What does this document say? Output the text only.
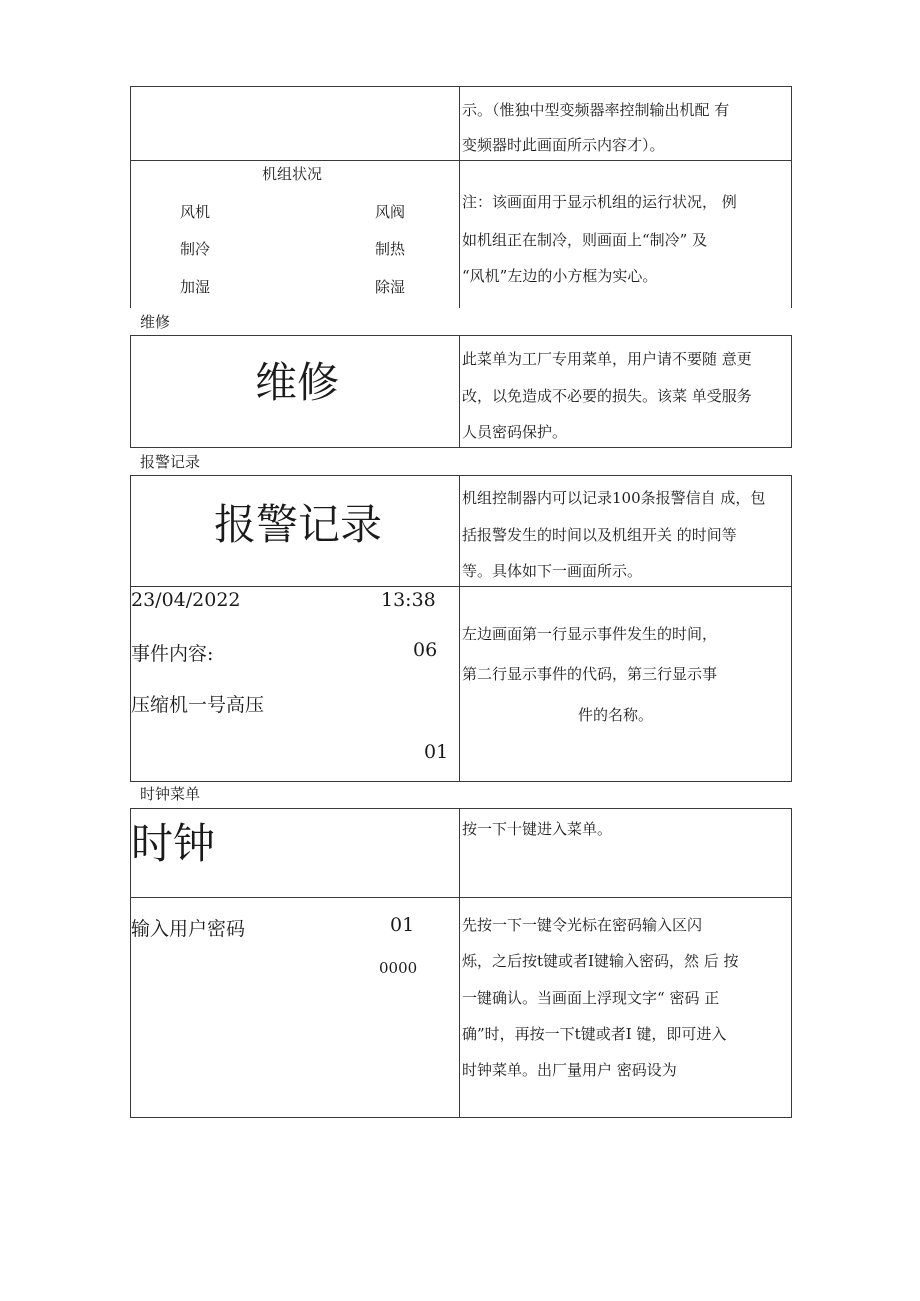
示。（惟独中型变频器率控制输出机配 有
变频器时此画面所示内容才）。
机组状况
风机	风阀
制冷	制热
加湿	除湿
注：该画面用于显示机组的运行状况， 例
如机组正在制冷，则画面上“制冷” 及
“风机”左边的小方框为实心。
维修
维修	此菜单为工厂专用菜单，用户请不要随 意更
改，以免造成不必要的损失。该菜 单受服务
人员密码保护。
报警记录
报警记录
机组控制器内可以记录100条报警信自 成，包
括报警发生的时间以及机组开关 的时间等
等。具体如下一画面所示。
23/04/2022	13:38
事件内容:	06
压缩机一号高压
01
左边画面第一行显示事件发生的时间，
第二行显示事件的代码，第三行显示事
件的名称。
时钟菜单
时钟	按一下十键进入菜单。
输入用户密码	01
0000
先按一下一键令光标在密码输入区闪
烁，之后按t键或者I键输入密码，然 后 按
一键确认。当画面上浮现文字“ 密码 正
确”时，再按一下t键或者I 键，即可进入
时钟菜单。出厂量用户 密码设为
